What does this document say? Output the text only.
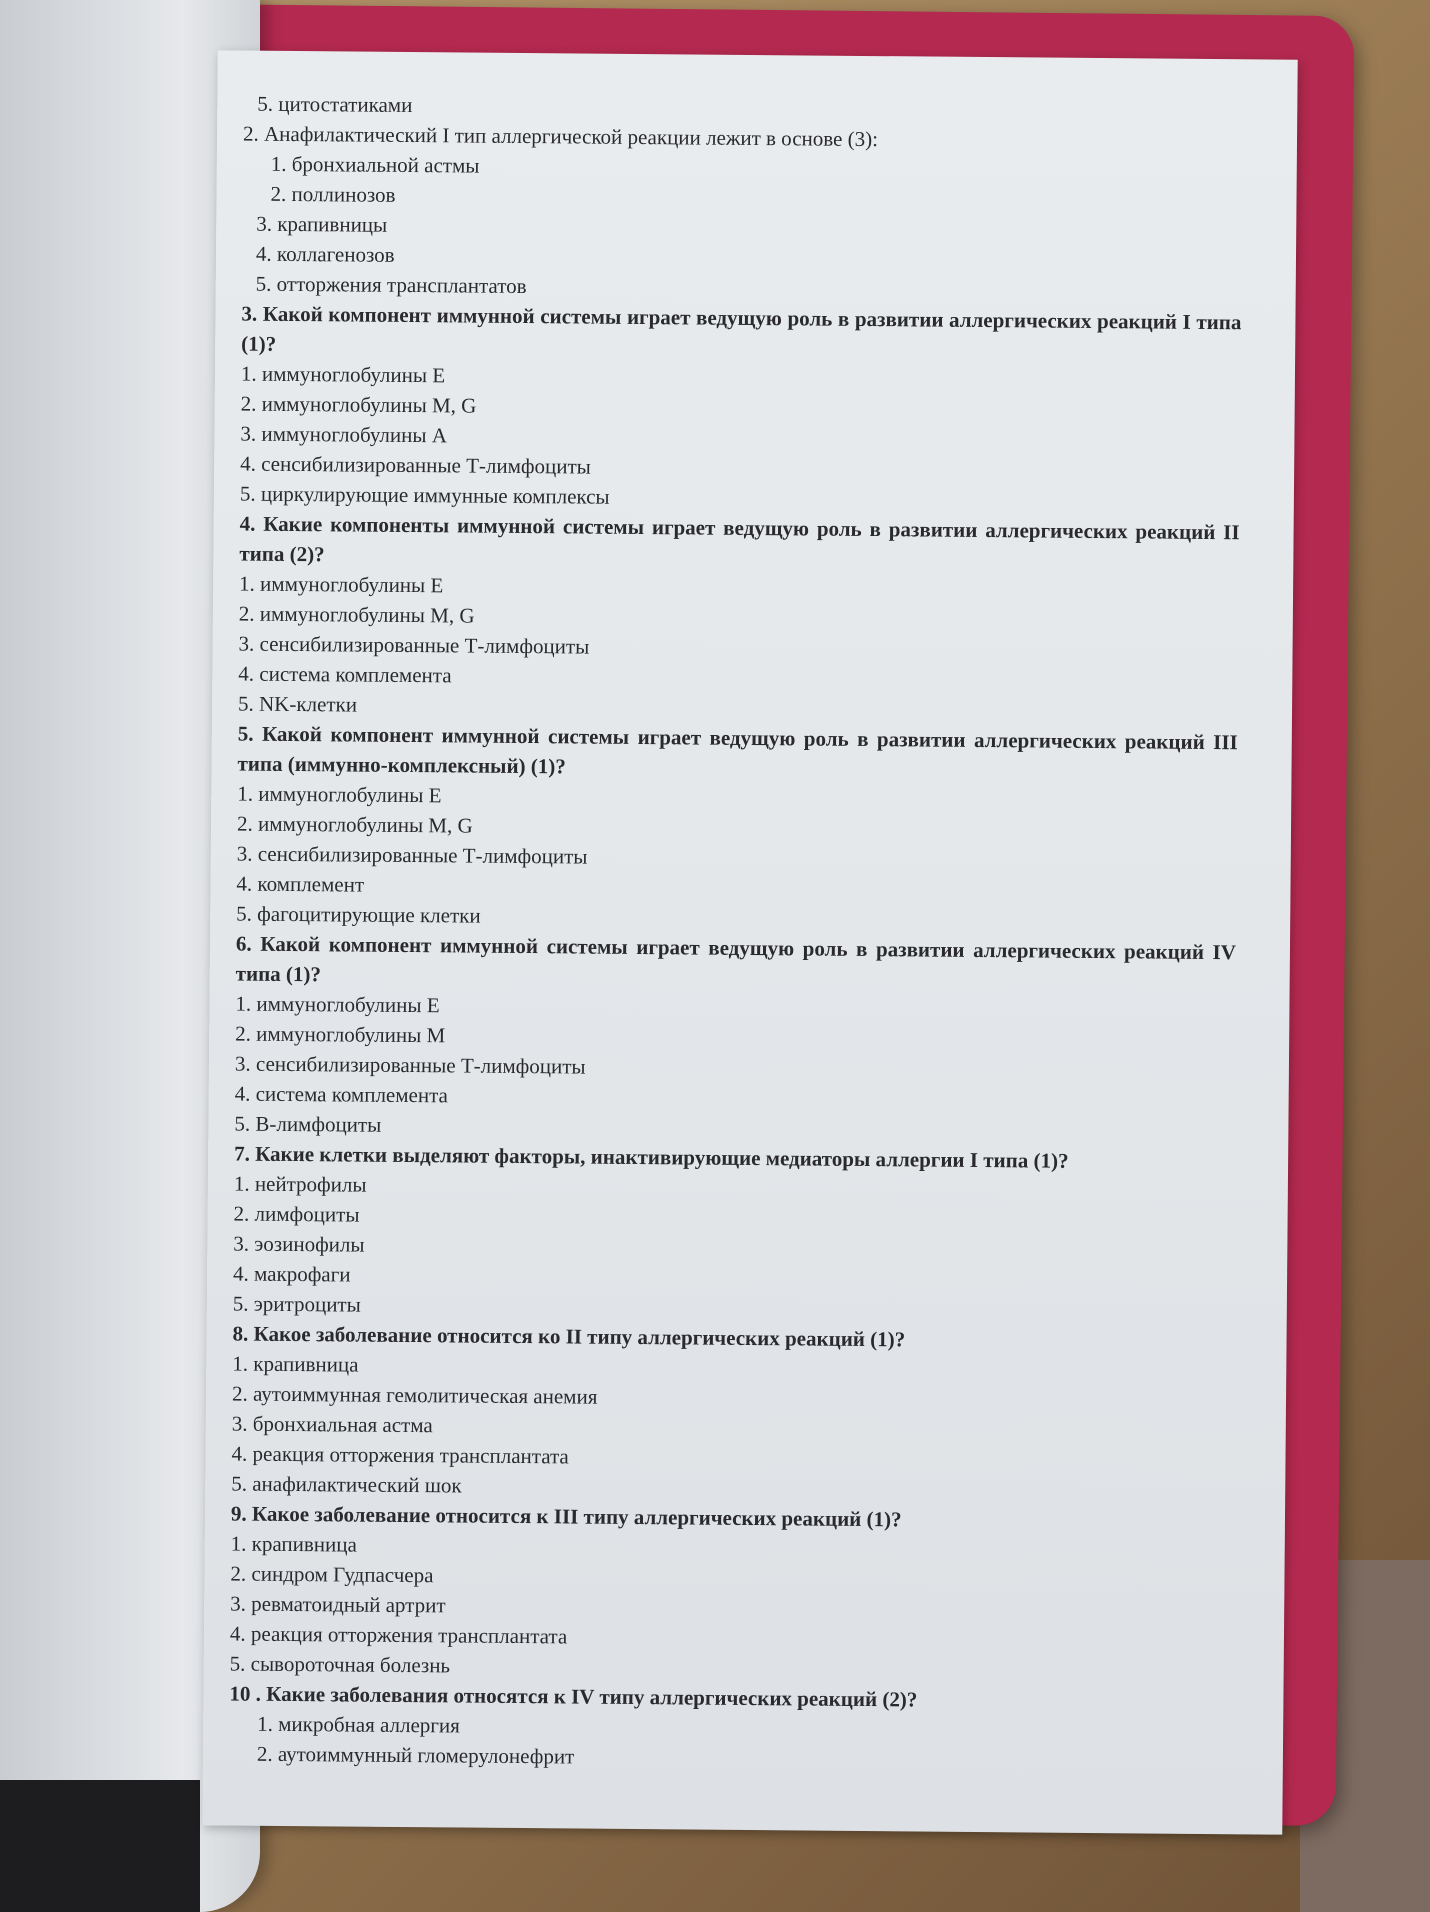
5. цитостатиками

2. Анафилактический I тип аллергической реакции лежит в основе (3):

1. бронхиальной астмы

2. поллинозов

3. крапивницы

4. коллагенозов

5. отторжения трансплантатов

3. Какой компонент иммунной системы играет ведущую роль в развитии аллергических реакций I типа (1)?

1. иммуноглобулины Е

2. иммуноглобулины M, G

3. иммуноглобулины А

4. сенсибилизированные Т-лимфоциты

5. циркулирующие иммунные комплексы

4. Какие компоненты иммунной системы играет ведущую роль в развитии аллергических реакций II типа (2)?

1. иммуноглобулины Е

2. иммуноглобулины M, G

3. сенсибилизированные Т-лимфоциты

4. система комплемента

5. NK-клетки

5. Какой компонент иммунной системы играет ведущую роль в развитии аллергических реакций III типа (иммунно-комплексный) (1)?

1. иммуноглобулины Е

2. иммуноглобулины M, G

3. сенсибилизированные Т-лимфоциты

4. комплемент

5. фагоцитирующие клетки

6. Какой компонент иммунной системы играет ведущую роль в развитии аллергических реакций IV типа (1)?

1. иммуноглобулины Е

2. иммуноглобулины М

3. сенсибилизированные Т-лимфоциты

4. система комплемента

5. В-лимфоциты

7. Какие клетки выделяют факторы, инактивирующие медиаторы аллергии I типа (1)?

1. нейтрофилы

2. лимфоциты

3. эозинофилы

4. макрофаги

5. эритроциты

8. Какое заболевание относится ко II типу аллергических реакций (1)?

1. крапивница

2. аутоиммунная гемолитическая анемия

3. бронхиальная астма

4. реакция отторжения трансплантата

5. анафилактический шок

9. Какое заболевание относится к III типу аллергических реакций (1)?

1. крапивница

2. синдром Гудпасчера

3. ревматоидный артрит

4. реакция отторжения трансплантата

5. сывороточная болезнь

10 . Какие заболевания относятся к IV типу аллергических реакций (2)?

1. микробная аллергия

2. аутоиммунный гломерулонефрит
